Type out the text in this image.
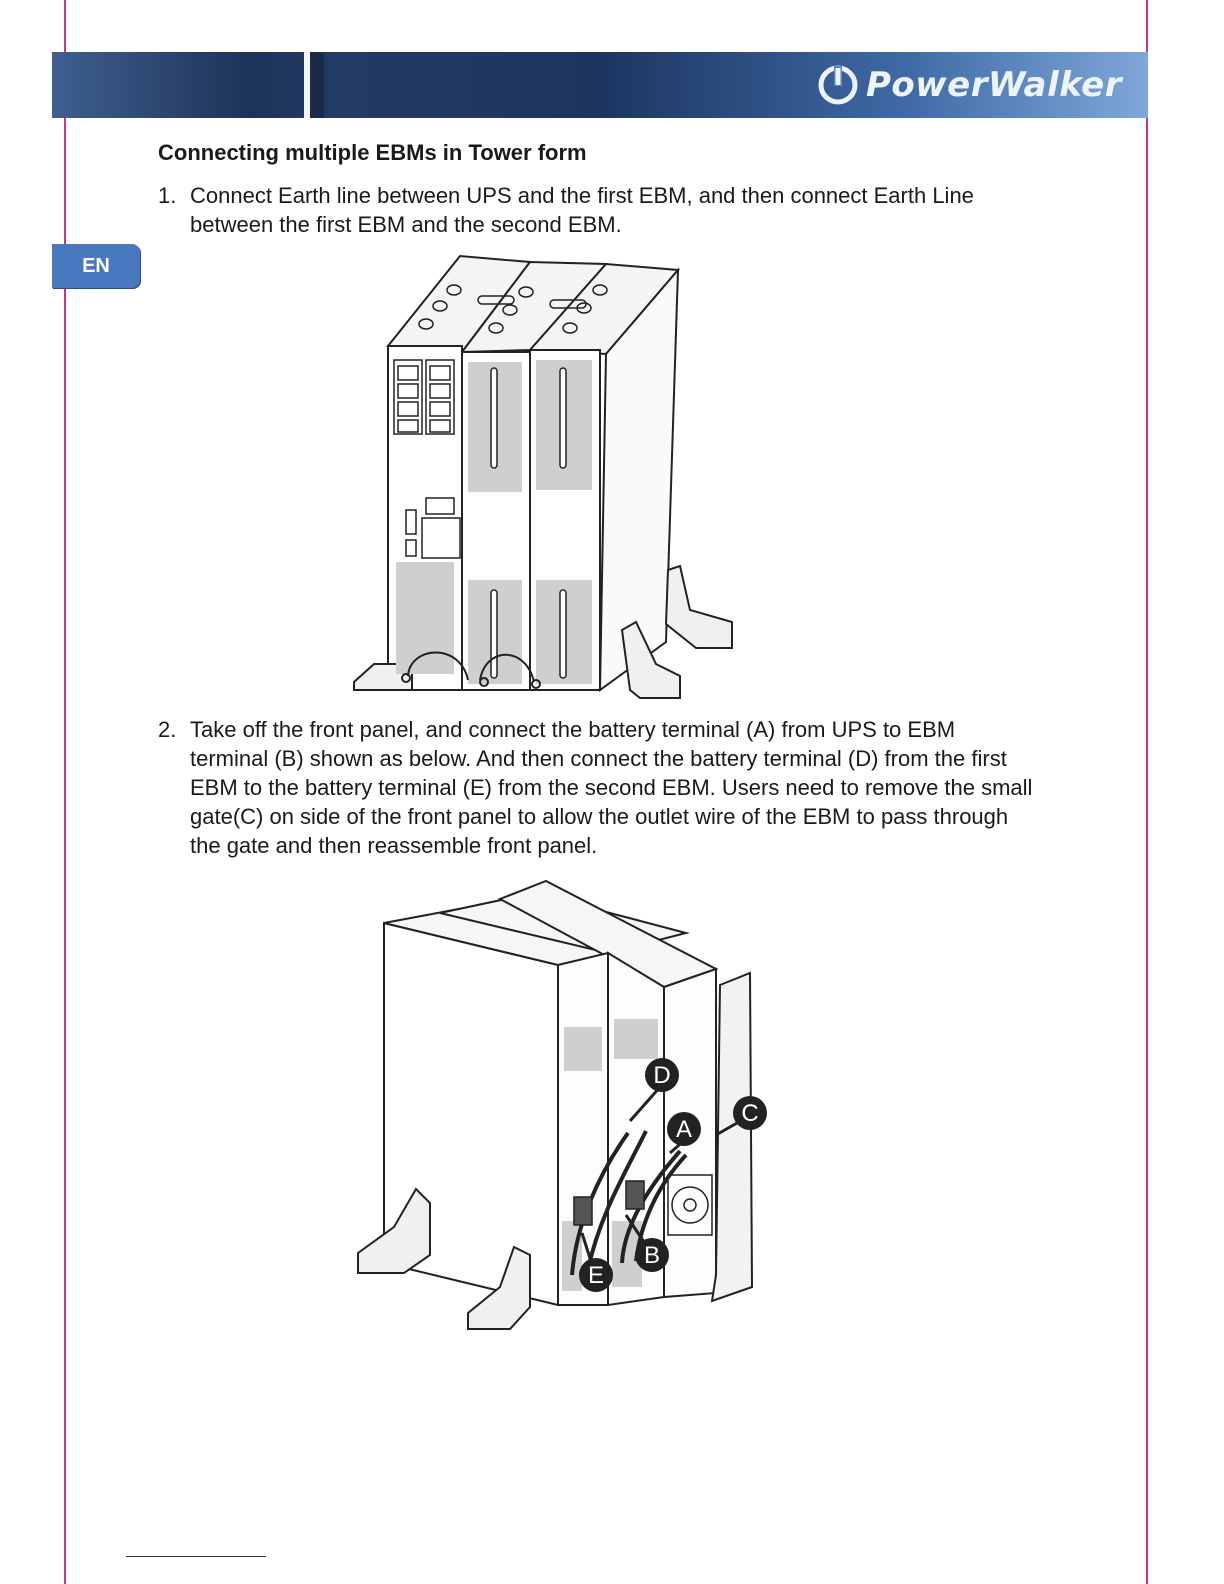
PowerWalker
EN
Connecting multiple EBMs in Tower form
1. Connect Earth line between UPS and the first EBM, and then connect Earth Line between the first EBM and the second EBM.
2. Take off the front panel, and connect the battery terminal (A) from UPS to EBM terminal (B) shown as below. And then connect the battery terminal (D) from the first EBM to the battery terminal (E) from the second EBM. Users need to remove the small gate(C) on side of the front panel to allow the outlet wire of the EBM to pass through the gate and then reassemble front panel.
D
A
C
B
E
